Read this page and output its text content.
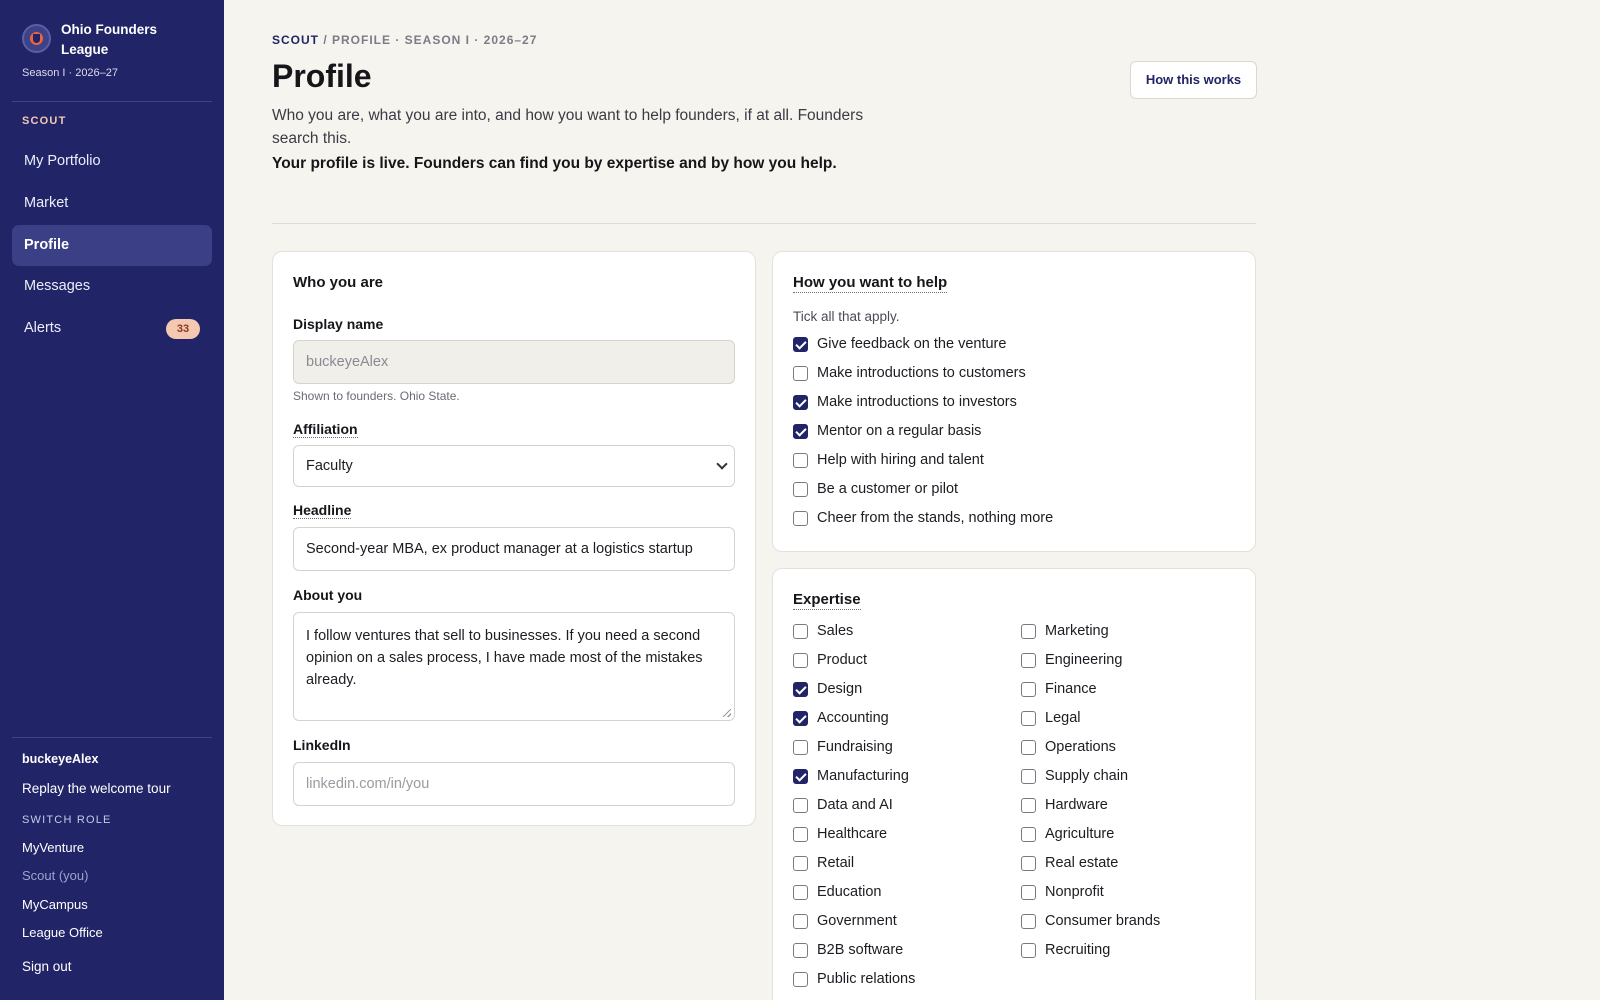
Ohio Founders League
Season I · 2026–27
SCOUT
My Portfolio
Market
Profile
Messages
Alerts	33
buckeyeAlex
Replay the welcome tour
SWITCH ROLE
MyVenture
Scout (you)
MyCampus
League Office
Sign out
SCOUT / PROFILE · SEASON I · 2026–27
Profile	How this works

Who you are, what you are into, and how you want to help founders, if at all. Founders search this.

Your profile is live. Founders can find you by expertise and by how you help.

Who you are
Display name
buckeyeAlex
Shown to founders. Ohio State.
Affiliation
Faculty
Headline
Second-year MBA, ex product manager at a logistics startup
About you
I follow ventures that sell to businesses. If you need a second opinion on a sales process, I have made most of the mistakes already.
LinkedIn
linkedin.com/in/you
How you want to help
Tick all that apply.
Give feedback on the venture
Make introductions to customers
Make introductions to investors
Mentor on a regular basis
Help with hiring and talent
Be a customer or pilot
Cheer from the stands, nothing more
Expertise
Sales
Product
Design
Accounting
Fundraising
Manufacturing
Data and AI
Healthcare
Retail
Education
Government
B2B software
Public relations
Marketing
Engineering
Finance
Legal
Operations
Supply chain
Hardware
Agriculture
Real estate
Nonprofit
Consumer brands
Recruiting
